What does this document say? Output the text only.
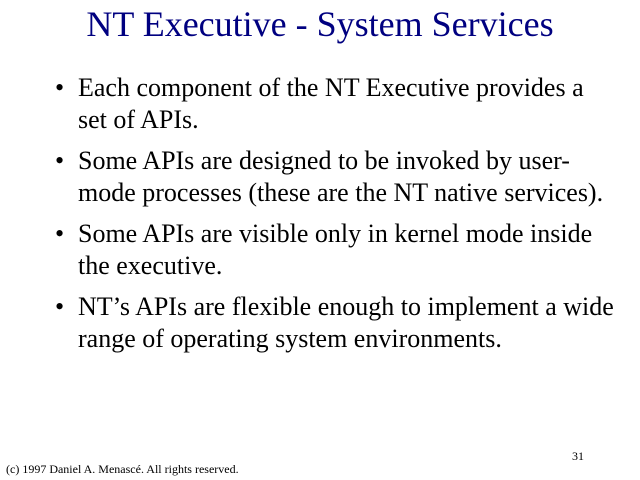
NT Executive - System Services
• Each component of the NT Executive provides a set of APIs.
• Some APIs are designed to be invoked by user-mode processes (these are the NT native services).
• Some APIs are visible only in kernel mode inside the executive.
• NT’s APIs are flexible enough to implement a wide range of operating system environments.
31
(c) 1997 Daniel A. Menascé. All rights reserved.
